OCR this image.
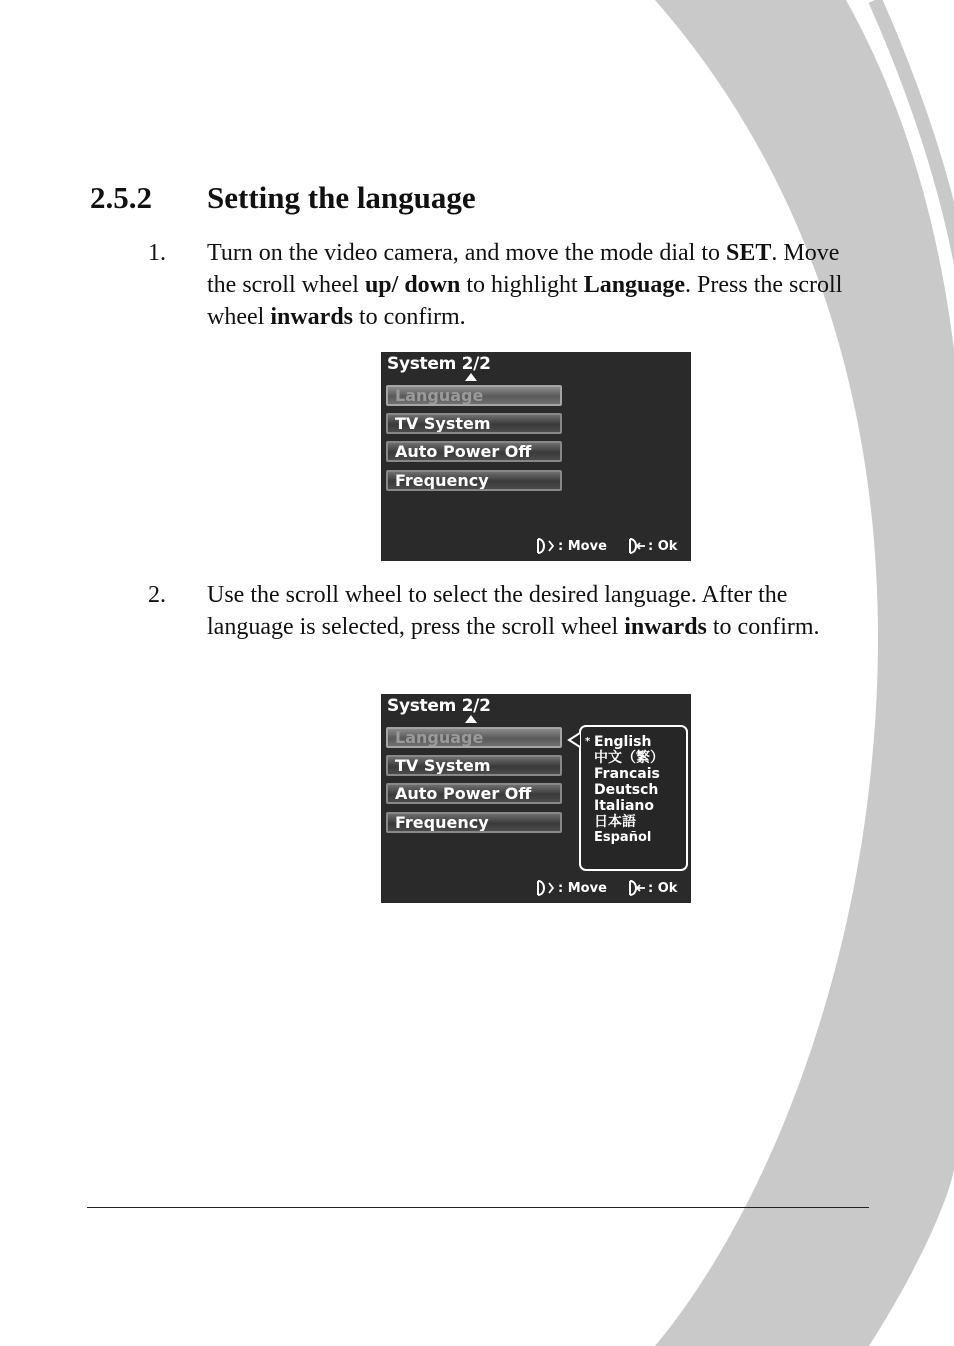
2.5.2 Setting the language
1. Turn on the video camera, and move the mode dial to SET. Move the scroll wheel up/ down to highlight Language. Press the scroll wheel inwards to confirm.
System 2/2
Language
TV System
Auto Power Off
Frequency
: Move	: Ok
2. Use the scroll wheel to select the desired language. After the language is selected, press the scroll wheel inwards to confirm.
System 2/2
Language
TV System
Auto Power Off
Frequency
* English
中文（繁）
Francais
Deutsch
Italiano
日本語
Español
: Move	: Ok
